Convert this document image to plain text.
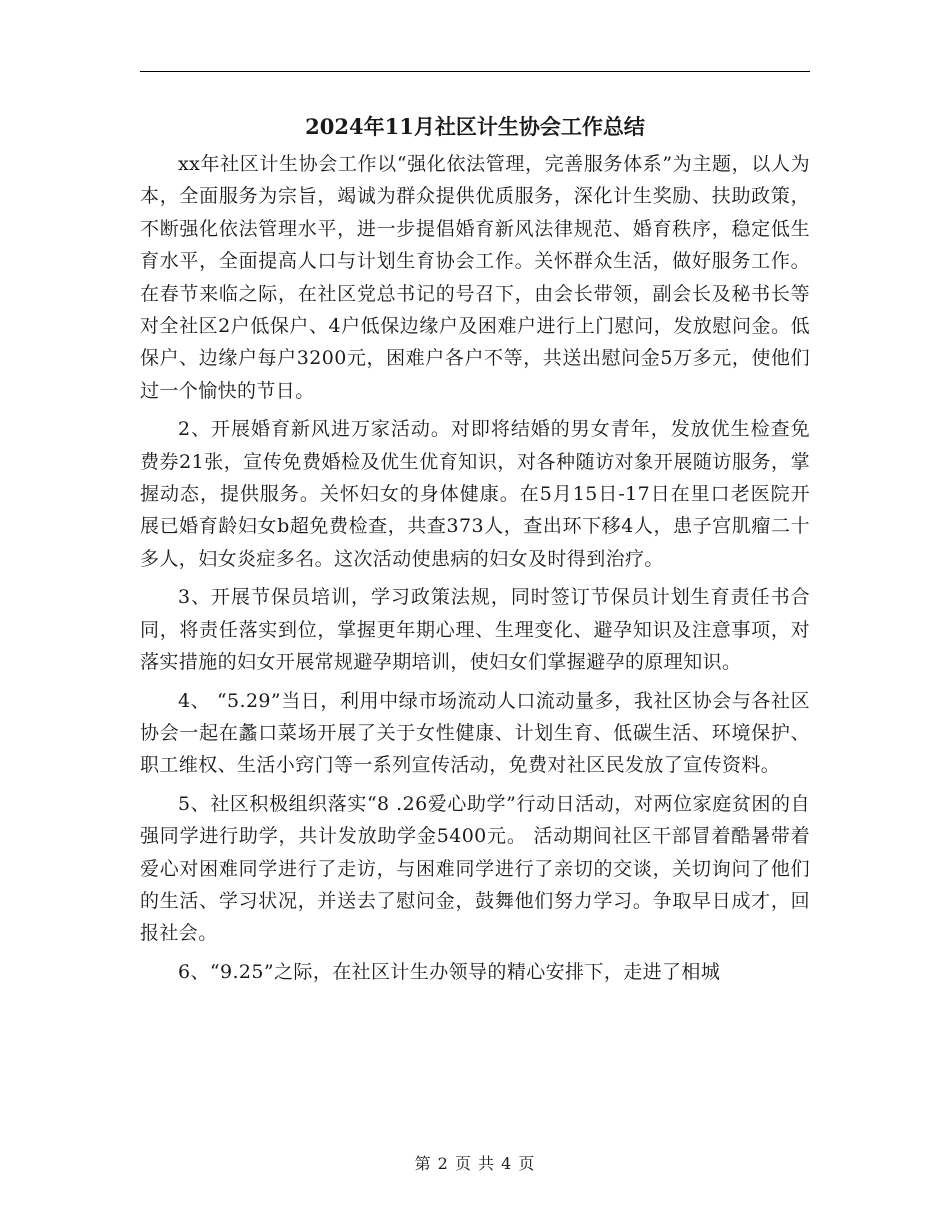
2024年11月社区计生协会工作总结

xx年社区计生协会工作以“强化依法管理，完善服务体系”为主题，以人为本，全面服务为宗旨，竭诚为群众提供优质服务，深化计生奖励、扶助政策，不断强化依法管理水平，进一步提倡婚育新风法律规范、婚育秩序，稳定低生育水平，全面提高人口与计划生育协会工作。关怀群众生活，做好服务工作。在春节来临之际，在社区党总书记的号召下，由会长带领，副会长及秘书长等对全社区2户低保户、4户低保边缘户及困难户进行上门慰问，发放慰问金。低保户、边缘户每户3200元，困难户各户不等，共送出慰问金5万多元，使他们过一个愉快的节日。

2、开展婚育新风进万家活动。对即将结婚的男女青年，发放优生检查免费券21张，宣传免费婚检及优生优育知识，对各种随访对象开展随访服务，掌握动态，提供服务。关怀妇女的身体健康。在5月15日-17日在里口老医院开展已婚育龄妇女b超免费检查，共查373人，查出环下移4人，患子宫肌瘤二十多人，妇女炎症多名。这次活动使患病的妇女及时得到治疗。

3、开展节保员培训，学习政策法规，同时签订节保员计划生育责任书合同，将责任落实到位，掌握更年期心理、生理变化、避孕知识及注意事项，对落实措施的妇女开展常规避孕期培训，使妇女们掌握避孕的原理知识。

4、 “5.29”当日，利用中绿市场流动人口流动量多，我社区协会与各社区协会一起在蠡口菜场开展了关于女性健康、计划生育、低碳生活、环境保护、职工维权、生活小窍门等一系列宣传活动，免费对社区民发放了宣传资料。

5、社区积极组织落实“8 .26爱心助学”行动日活动，对两位家庭贫困的自强同学进行助学，共计发放助学金5400元。 活动期间社区干部冒着酷暑带着爱心对困难同学进行了走访，与困难同学进行了亲切的交谈，关切询问了他们的生活、学习状况，并送去了慰问金，鼓舞他们努力学习。争取早日成才，回报社会。

6、“9.25”之际，在社区计生办领导的精心安排下，走进了相城

第 2 页 共 4 页
